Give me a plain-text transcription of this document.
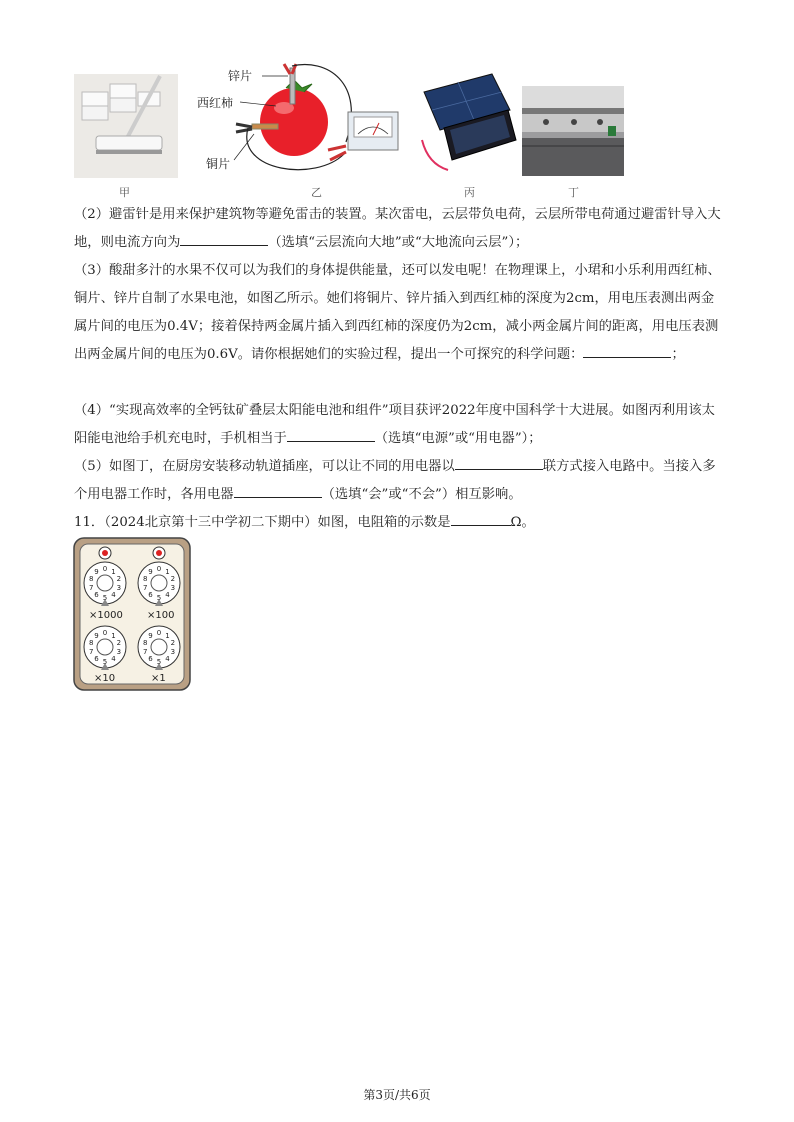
甲
锌片
西红柿
铜片
乙	丙	丁

（2）避雷针是用来保护建筑物等避免雷击的装置。某次雷电，云层带负电荷，云层所带电荷通过避雷针导入大地，则电流方向为	（选填“云层流向大地”或“大地流向云层”）；

（3）酸甜多汁的水果不仅可以为我们的身体提供能量，还可以发电呢！在物理课上，小珺和小乐利用西红柿、铜片、锌片自制了水果电池，如图乙所示。她们将铜片、锌片插入到西红柿的深度为2cm，用电压表测出两金属片间的电压为0.4V；接着保持两金属片插入到西红柿的深度仍为2cm，减小两金属片间的距离，用电压表测出两金属片间的电压为0.6V。请你根据她们的实验过程，提出一个可探究的科学问题：	；

（4）“实现高效率的全钙钛矿叠层太阳能电池和组件”项目获评2022年度中国科学十大进展。如图丙利用该太阳能电池给手机充电时，手机相当于	（选填“电源”或“用电器”）；

（5）如图丁，在厨房安装移动轨道插座，可以让不同的用电器以	联方式接入电路中。当接入多个用电器工作时，各用电器	（选填“会”或“不会”）相互影响。

11．（2024北京第十三中学初二下期中）如图，电阻箱的示数是	Ω。

0 1
2
3
4
5
6
7
8
9	0 1
2
3
4
5
6
7
8
9
0 1
2
3
4
5
6
7
8
9	0 1
2
3
4
5
6
7
8
9
×1000 ×100
×10	×1
第3页/共6页
